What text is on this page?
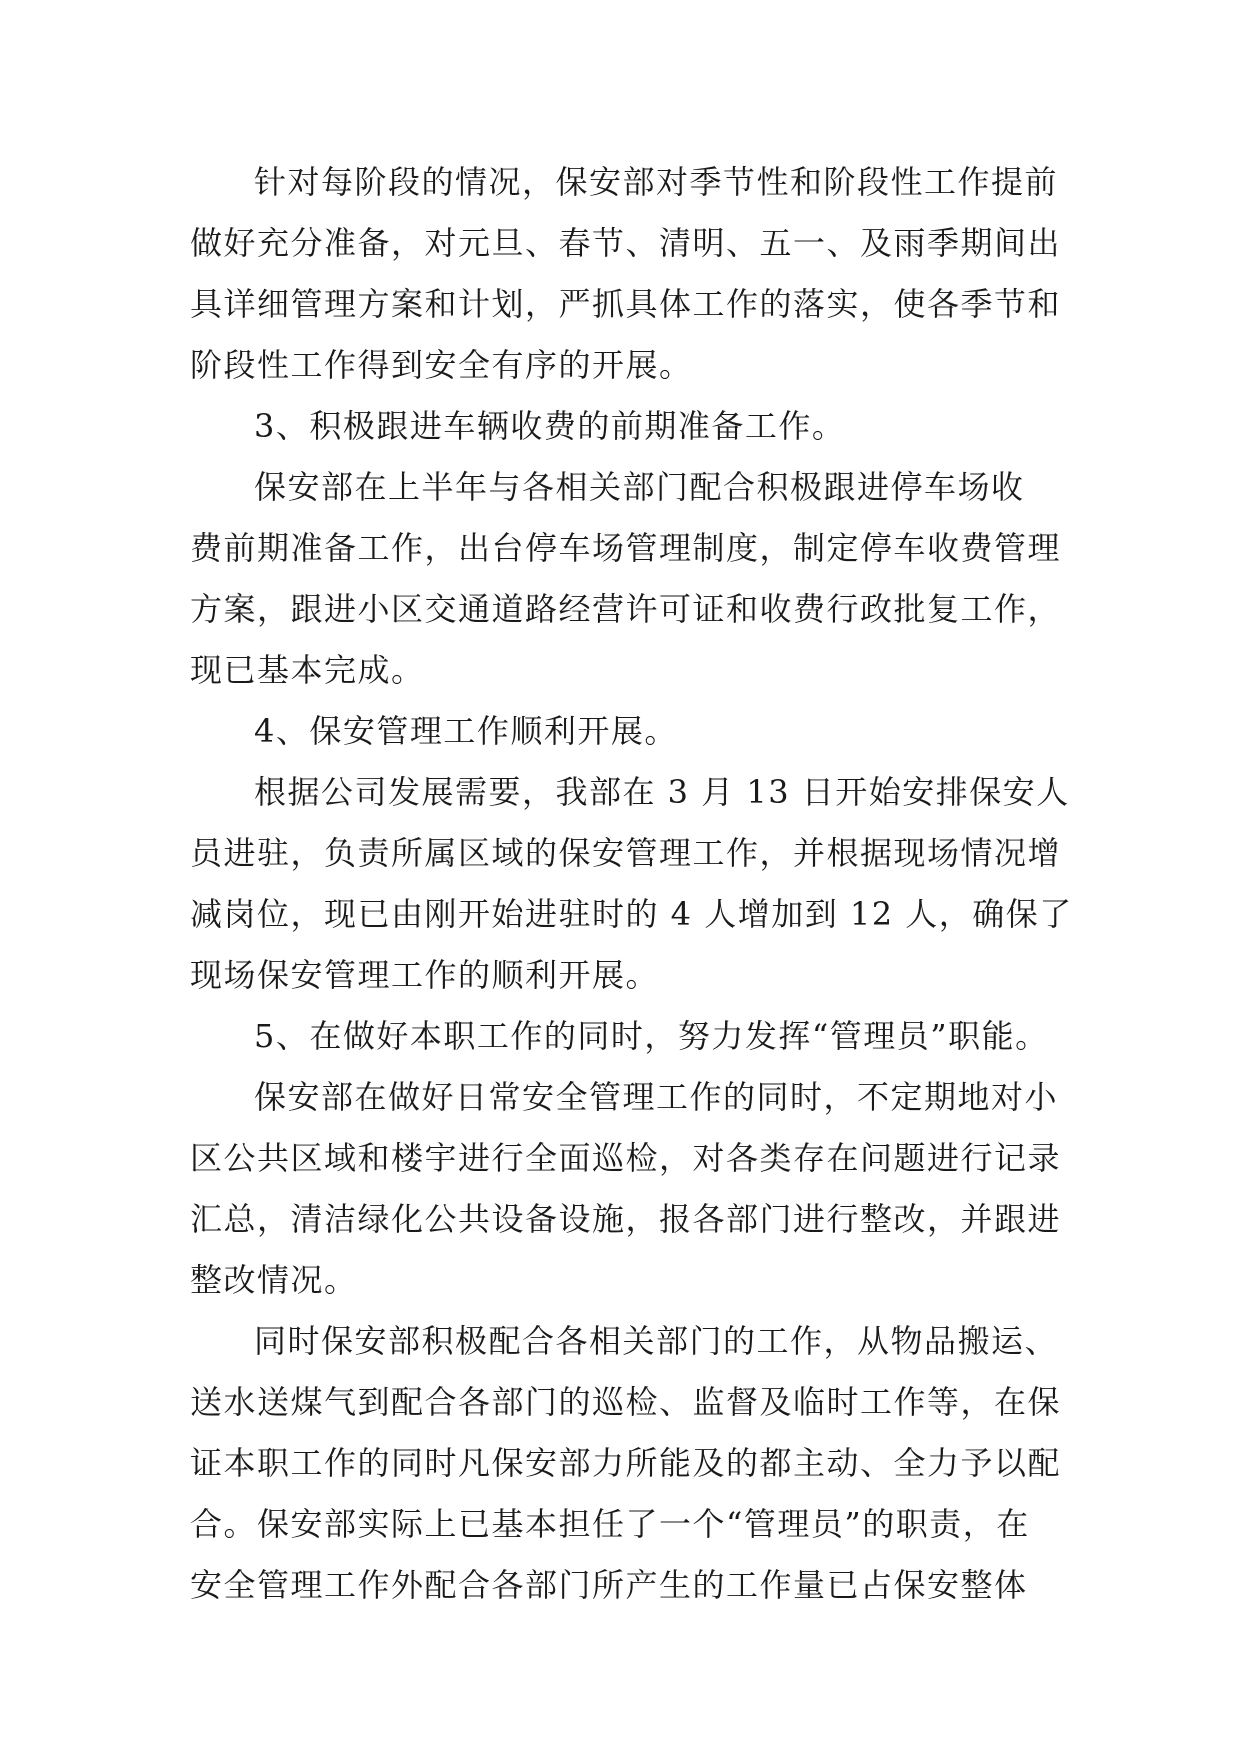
针对每阶段的情况，保安部对季节性和阶段性工作提前
做好充分准备，对元旦、春节、清明、五一、及雨季期间出
具详细管理方案和计划，严抓具体工作的落实，使各季节和
阶段性工作得到安全有序的开展。
3、积极跟进车辆收费的前期准备工作。
保安部在上半年与各相关部门配合积极跟进停车场收
费前期准备工作，出台停车场管理制度，制定停车收费管理
方案，跟进小区交通道路经营许可证和收费行政批复工作，
现已基本完成。
4、保安管理工作顺利开展。
根据公司发展需要，我部在 3 月 13 日开始安排保安人
员进驻，负责所属区域的保安管理工作，并根据现场情况增
减岗位，现已由刚开始进驻时的 4 人增加到 12 人，确保了
现场保安管理工作的顺利开展。
5、在做好本职工作的同时，努力发挥“管理员”职能。
保安部在做好日常安全管理工作的同时，不定期地对小
区公共区域和楼宇进行全面巡检，对各类存在问题进行记录
汇总，清洁绿化公共设备设施，报各部门进行整改，并跟进
整改情况。
同时保安部积极配合各相关部门的工作，从物品搬运、
送水送煤气到配合各部门的巡检、监督及临时工作等，在保
证本职工作的同时凡保安部力所能及的都主动、全力予以配
合。保安部实际上已基本担任了一个“管理员”的职责，在
安全管理工作外配合各部门所产生的工作量已占保安整体
